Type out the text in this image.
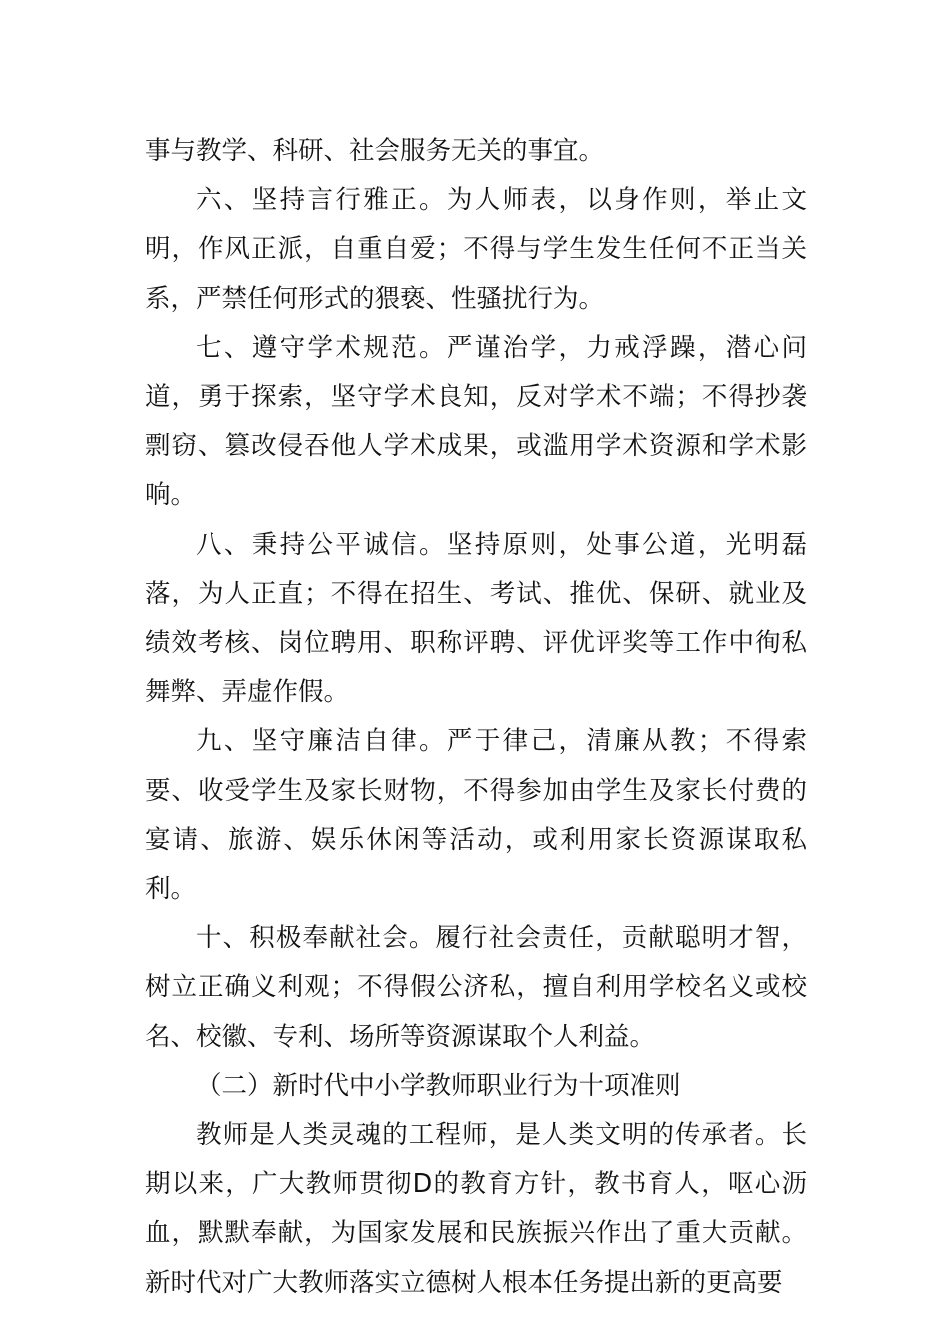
事与教学、科研、社会服务无关的事宜。

六、坚持言行雅正。为人师表，以身作则，举止文明，作风正派，自重自爱；不得与学生发生任何不正当关系，严禁任何形式的猥亵、性骚扰行为。

七、遵守学术规范。严谨治学，力戒浮躁，潜心问道，勇于探索，坚守学术良知，反对学术不端；不得抄袭剽窃、篡改侵吞他人学术成果，或滥用学术资源和学术影响。

八、秉持公平诚信。坚持原则，处事公道，光明磊落，为人正直；不得在招生、考试、推优、保研、就业及绩效考核、岗位聘用、职称评聘、评优评奖等工作中徇私舞弊、弄虚作假。

九、坚守廉洁自律。严于律己，清廉从教；不得索要、收受学生及家长财物，不得参加由学生及家长付费的宴请、旅游、娱乐休闲等活动，或利用家长资源谋取私利。

十、积极奉献社会。履行社会责任，贡献聪明才智，树立正确义利观；不得假公济私，擅自利用学校名义或校名、校徽、专利、场所等资源谋取个人利益。

（二）新时代中小学教师职业行为十项准则

教师是人类灵魂的工程师，是人类文明的传承者。长期以来，广大教师贯彻D的教育方针，教书育人，呕心沥血，默默奉献，为国家发展和民族振兴作出了重大贡献。新时代对广大教师落实立德树人根本任务提出新的更高要
